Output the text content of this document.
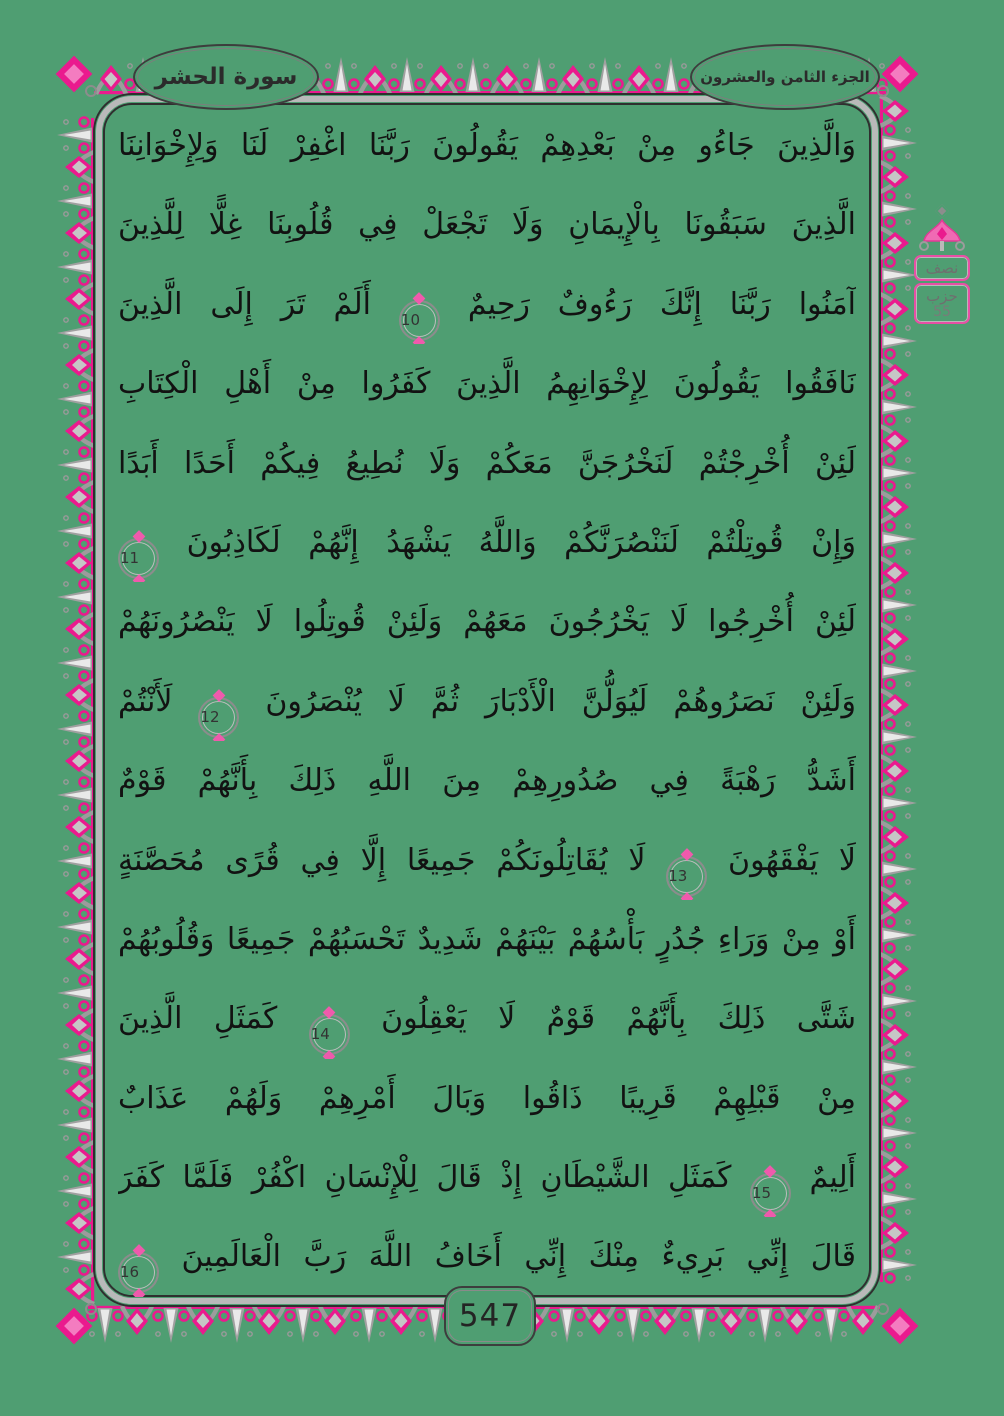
سورة الحشر	الجزء الثامن والعشرون
نصف
حزب
55
وَالَّذِينَ جَاءُو مِنْ بَعْدِهِمْ يَقُولُونَ رَبَّنَا اغْفِرْ لَنَا وَلِإِخْوَانِنَا
الَّذِينَ سَبَقُونَا بِالْإِيمَانِ وَلَا تَجْعَلْ فِي قُلُوبِنَا غِلًّا لِلَّذِينَ
آمَنُوا رَبَّنَا إِنَّكَ رَءُوفٌ رَحِيمٌ 10 أَلَمْ تَرَ إِلَى الَّذِينَ
نَافَقُوا يَقُولُونَ لِإِخْوَانِهِمُ الَّذِينَ كَفَرُوا مِنْ أَهْلِ الْكِتَابِ
لَئِنْ أُخْرِجْتُمْ لَنَخْرُجَنَّ مَعَكُمْ وَلَا نُطِيعُ فِيكُمْ أَحَدًا أَبَدًا
وَإِنْ قُوتِلْتُمْ لَنَنْصُرَنَّكُمْ وَاللَّهُ يَشْهَدُ إِنَّهُمْ لَكَاذِبُونَ 11
لَئِنْ أُخْرِجُوا لَا يَخْرُجُونَ مَعَهُمْ وَلَئِنْ قُوتِلُوا لَا يَنْصُرُونَهُمْ
وَلَئِنْ نَصَرُوهُمْ لَيُوَلُّنَّ الْأَدْبَارَ ثُمَّ لَا يُنْصَرُونَ 12 لَأَنْتُمْ
أَشَدُّ رَهْبَةً فِي صُدُورِهِمْ مِنَ اللَّهِ ذَلِكَ بِأَنَّهُمْ قَوْمٌ
لَا يَفْقَهُونَ 13 لَا يُقَاتِلُونَكُمْ جَمِيعًا إِلَّا فِي قُرًى مُحَصَّنَةٍ
أَوْ مِنْ وَرَاءِ جُدُرٍ بَأْسُهُمْ بَيْنَهُمْ شَدِيدٌ تَحْسَبُهُمْ جَمِيعًا وَقُلُوبُهُمْ
شَتَّى ذَلِكَ بِأَنَّهُمْ قَوْمٌ لَا يَعْقِلُونَ 14 كَمَثَلِ الَّذِينَ
مِنْ قَبْلِهِمْ قَرِيبًا ذَاقُوا وَبَالَ أَمْرِهِمْ وَلَهُمْ عَذَابٌ
أَلِيمٌ 15 كَمَثَلِ الشَّيْطَانِ إِذْ قَالَ لِلْإِنْسَانِ اكْفُرْ فَلَمَّا كَفَرَ
قَالَ إِنِّي بَرِيءٌ مِنْكَ إِنِّي أَخَافُ اللَّهَ رَبَّ الْعَالَمِينَ 16
547
